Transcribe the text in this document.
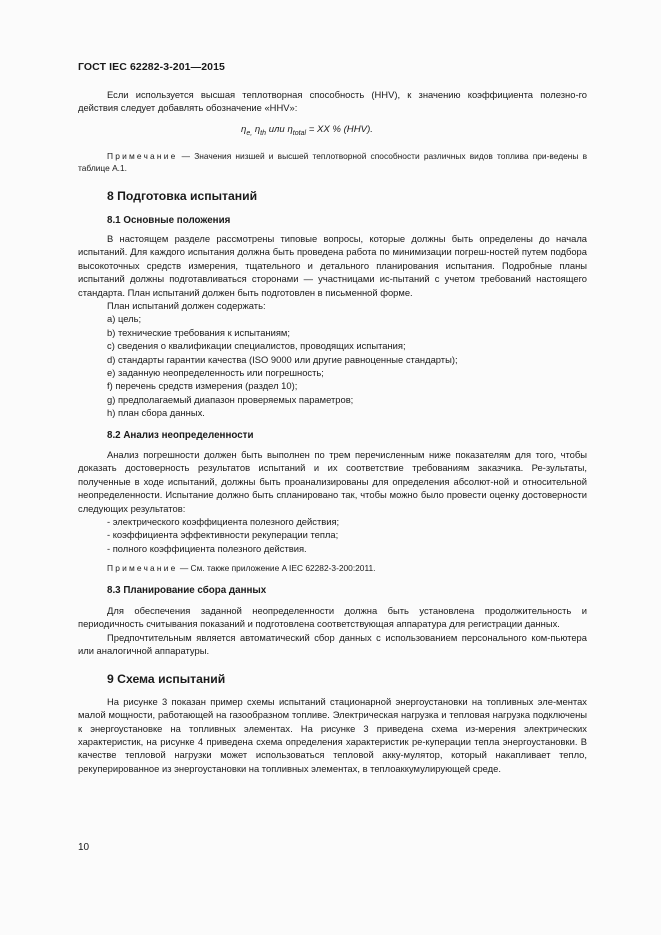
ГОСТ IEC 62282-3-201—2015

Если используется высшая теплотворная способность (HHV), к значению коэффициента полезно-го действия следует добавлять обозначение «HHV»:

$\eta_{e,}$ $\eta_{th}$ или $\eta_{total}$ = XX % (HHV).

Примечание — Значения низшей и высшей теплотворной способности различных видов топлива при-ведены в таблице А.1.

8 Подготовка испытаний
8.1 Основные положения

В настоящем разделе рассмотрены типовые вопросы, которые должны быть определены до начала испытаний. Для каждого испытания должна быть проведена работа по минимизации погреш-ностей путем подбора высокоточных средств измерения, тщательного и детального планирования испытания. Подробные планы испытаний должны подготавливаться сторонами — участницами ис-пытаний с учетом требований настоящего стандарта. План испытаний должен быть подготовлен в письменной форме.

План испытаний должен содержать:

a) цель;
b) технические требования к испытаниям;
c) сведения о квалификации специалистов, проводящих испытания;
d) стандарты гарантии качества (ISO 9000 или другие равноценные стандарты);
e) заданную неопределенность или погрешность;
f) перечень средств измерения (раздел 10);
g) предполагаемый диапазон проверяемых параметров;
h) план сбора данных.
8.2 Анализ неопределенности

Анализ погрешности должен быть выполнен по трем перечисленным ниже показателям для того, чтобы доказать достоверность результатов испытаний и их соответствие требованиям заказчика. Ре-зультаты, полученные в ходе испытаний, должны быть проанализированы для определения абсолют-ной и относительной неопределенности. Испытание должно быть спланировано так, чтобы можно было провести оценку достоверности следующих результатов:

- электрического коэффициента полезного действия;
- коэффициента эффективности рекуперации тепла;
- полного коэффициента полезного действия.

Примечание — См. также приложение A IEC 62282-3-200:2011.

8.3 Планирование сбора данных

Для обеспечения заданной неопределенности должна быть установлена продолжительность и периодичность считывания показаний и подготовлена соответствующая аппаратура для регистрации данных.

Предпочтительным является автоматический сбор данных с использованием персонального ком-пьютера или аналогичной аппаратуры.

9 Схема испытаний

На рисунке 3 показан пример схемы испытаний стационарной энергоустановки на топливных эле-ментах малой мощности, работающей на газообразном топливе. Электрическая нагрузка и тепловая нагрузка подключены к энергоустановке на топливных элементах. На рисунке 3 приведена схема из-мерения электрических характеристик, на рисунке 4 приведена схема определения характеристик ре-куперации тепла энергоустановки. В качестве тепловой нагрузки может использоваться тепловой акку-мулятор, который накапливает тепло, рекуперированное из энергоустановки на топливных элементах, в теплоаккумулирующей среде.

10
